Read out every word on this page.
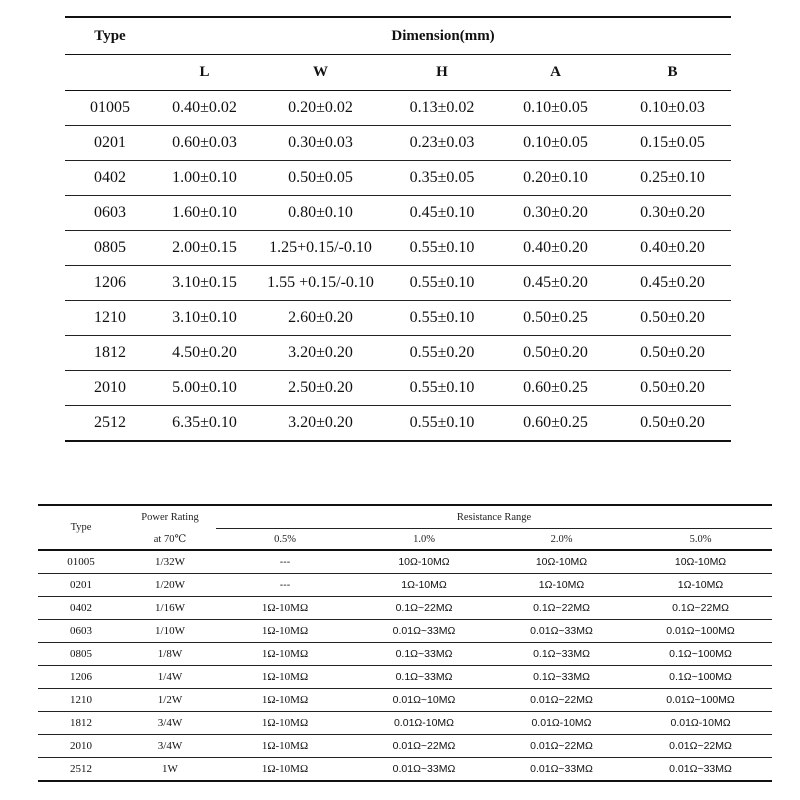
Type	Dimension(mm)				
	L	W	H	A	B
01005	0.40±0.02	0.20±0.02	0.13±0.02	0.10±0.05	0.10±0.03
0201	0.60±0.03	0.30±0.03	0.23±0.03	0.10±0.05	0.15±0.05
0402	1.00±0.10	0.50±0.05	0.35±0.05	0.20±0.10	0.25±0.10
0603	1.60±0.10	0.80±0.10	0.45±0.10	0.30±0.20	0.30±0.20
0805	2.00±0.15	1.25+0.15/-0.10	0.55±0.10	0.40±0.20	0.40±0.20
1206	3.10±0.15	1.55 +0.15/-0.10	0.55±0.10	0.45±0.20	0.45±0.20
1210	3.10±0.10	2.60±0.20	0.55±0.10	0.50±0.25	0.50±0.20
1812	4.50±0.20	3.20±0.20	0.55±0.20	0.50±0.20	0.50±0.20
2010	5.00±0.10	2.50±0.20	0.55±0.10	0.60±0.25	0.50±0.20
2512	6.35±0.10	3.20±0.20	0.55±0.10	0.60±0.25	0.50±0.20
Type	Power Rating	Resistance Range			
	at 70℃	0.5%	1.0%	2.0%	5.0%
01005	1/32W	---	10Ω-10MΩ	10Ω-10MΩ	10Ω-10MΩ
0201	1/20W	---	1Ω-10MΩ	1Ω-10MΩ	1Ω-10MΩ
0402	1/16W	1Ω-10MΩ	0.1Ω~22MΩ	0.1Ω~22MΩ	0.1Ω~22MΩ
0603	1/10W	1Ω-10MΩ	0.01Ω~33MΩ	0.01Ω~33MΩ	0.01Ω~100MΩ
0805	1/8W	1Ω-10MΩ	0.1Ω~33MΩ	0.1Ω~33MΩ	0.1Ω~100MΩ
1206	1/4W	1Ω-10MΩ	0.1Ω~33MΩ	0.1Ω~33MΩ	0.1Ω~100MΩ
1210	1/2W	1Ω-10MΩ	0.01Ω~10MΩ	0.01Ω~22MΩ	0.01Ω~100MΩ
1812	3/4W	1Ω-10MΩ	0.01Ω-10MΩ	0.01Ω-10MΩ	0.01Ω-10MΩ
2010	3/4W	1Ω-10MΩ	0.01Ω~22MΩ	0.01Ω~22MΩ	0.01Ω~22MΩ
2512	1W	1Ω-10MΩ	0.01Ω~33MΩ	0.01Ω~33MΩ	0.01Ω~33MΩ
